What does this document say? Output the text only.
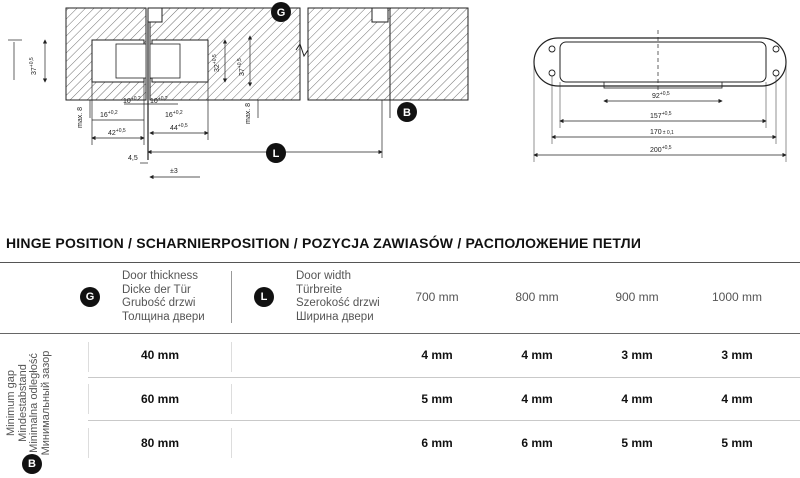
$37^{+0,5}$
$32^{+0,5}$
$37^{+0,5}$
max. 8	max. 8
$10^{+0,2}$ $10^{+0,2}$
$16^{+0,2}$	$16^{+0,2}$
$42^{+0,5}$	$44^{+0,5}$
4,5
±3
G
L
B
$92^{+0,5}$
$157^{+0,5}$
170± 0,1
$200^{+0,5}$
HINGE POSITION / SCHARNIERPOSITION / POZYCJA ZAWIASÓW / РАСПОЛОЖЕНИЕ ПЕТЛИ
G
Door thickness
Dicke der Tür
Grubość drzwi
Толщина двери
L
Door width
Türbreite
Szerokość drzwi
Ширина двери
700 mm	800 mm	900 mm	1000 mm
Minimum gap Mindestabstand Minimalna odległość Минимальный зазор
B
40 mm	4 mm	4 mm	3 mm	3 mm
60 mm	5 mm	4 mm	4 mm	4 mm
80 mm	6 mm	6 mm	5 mm	5 mm
